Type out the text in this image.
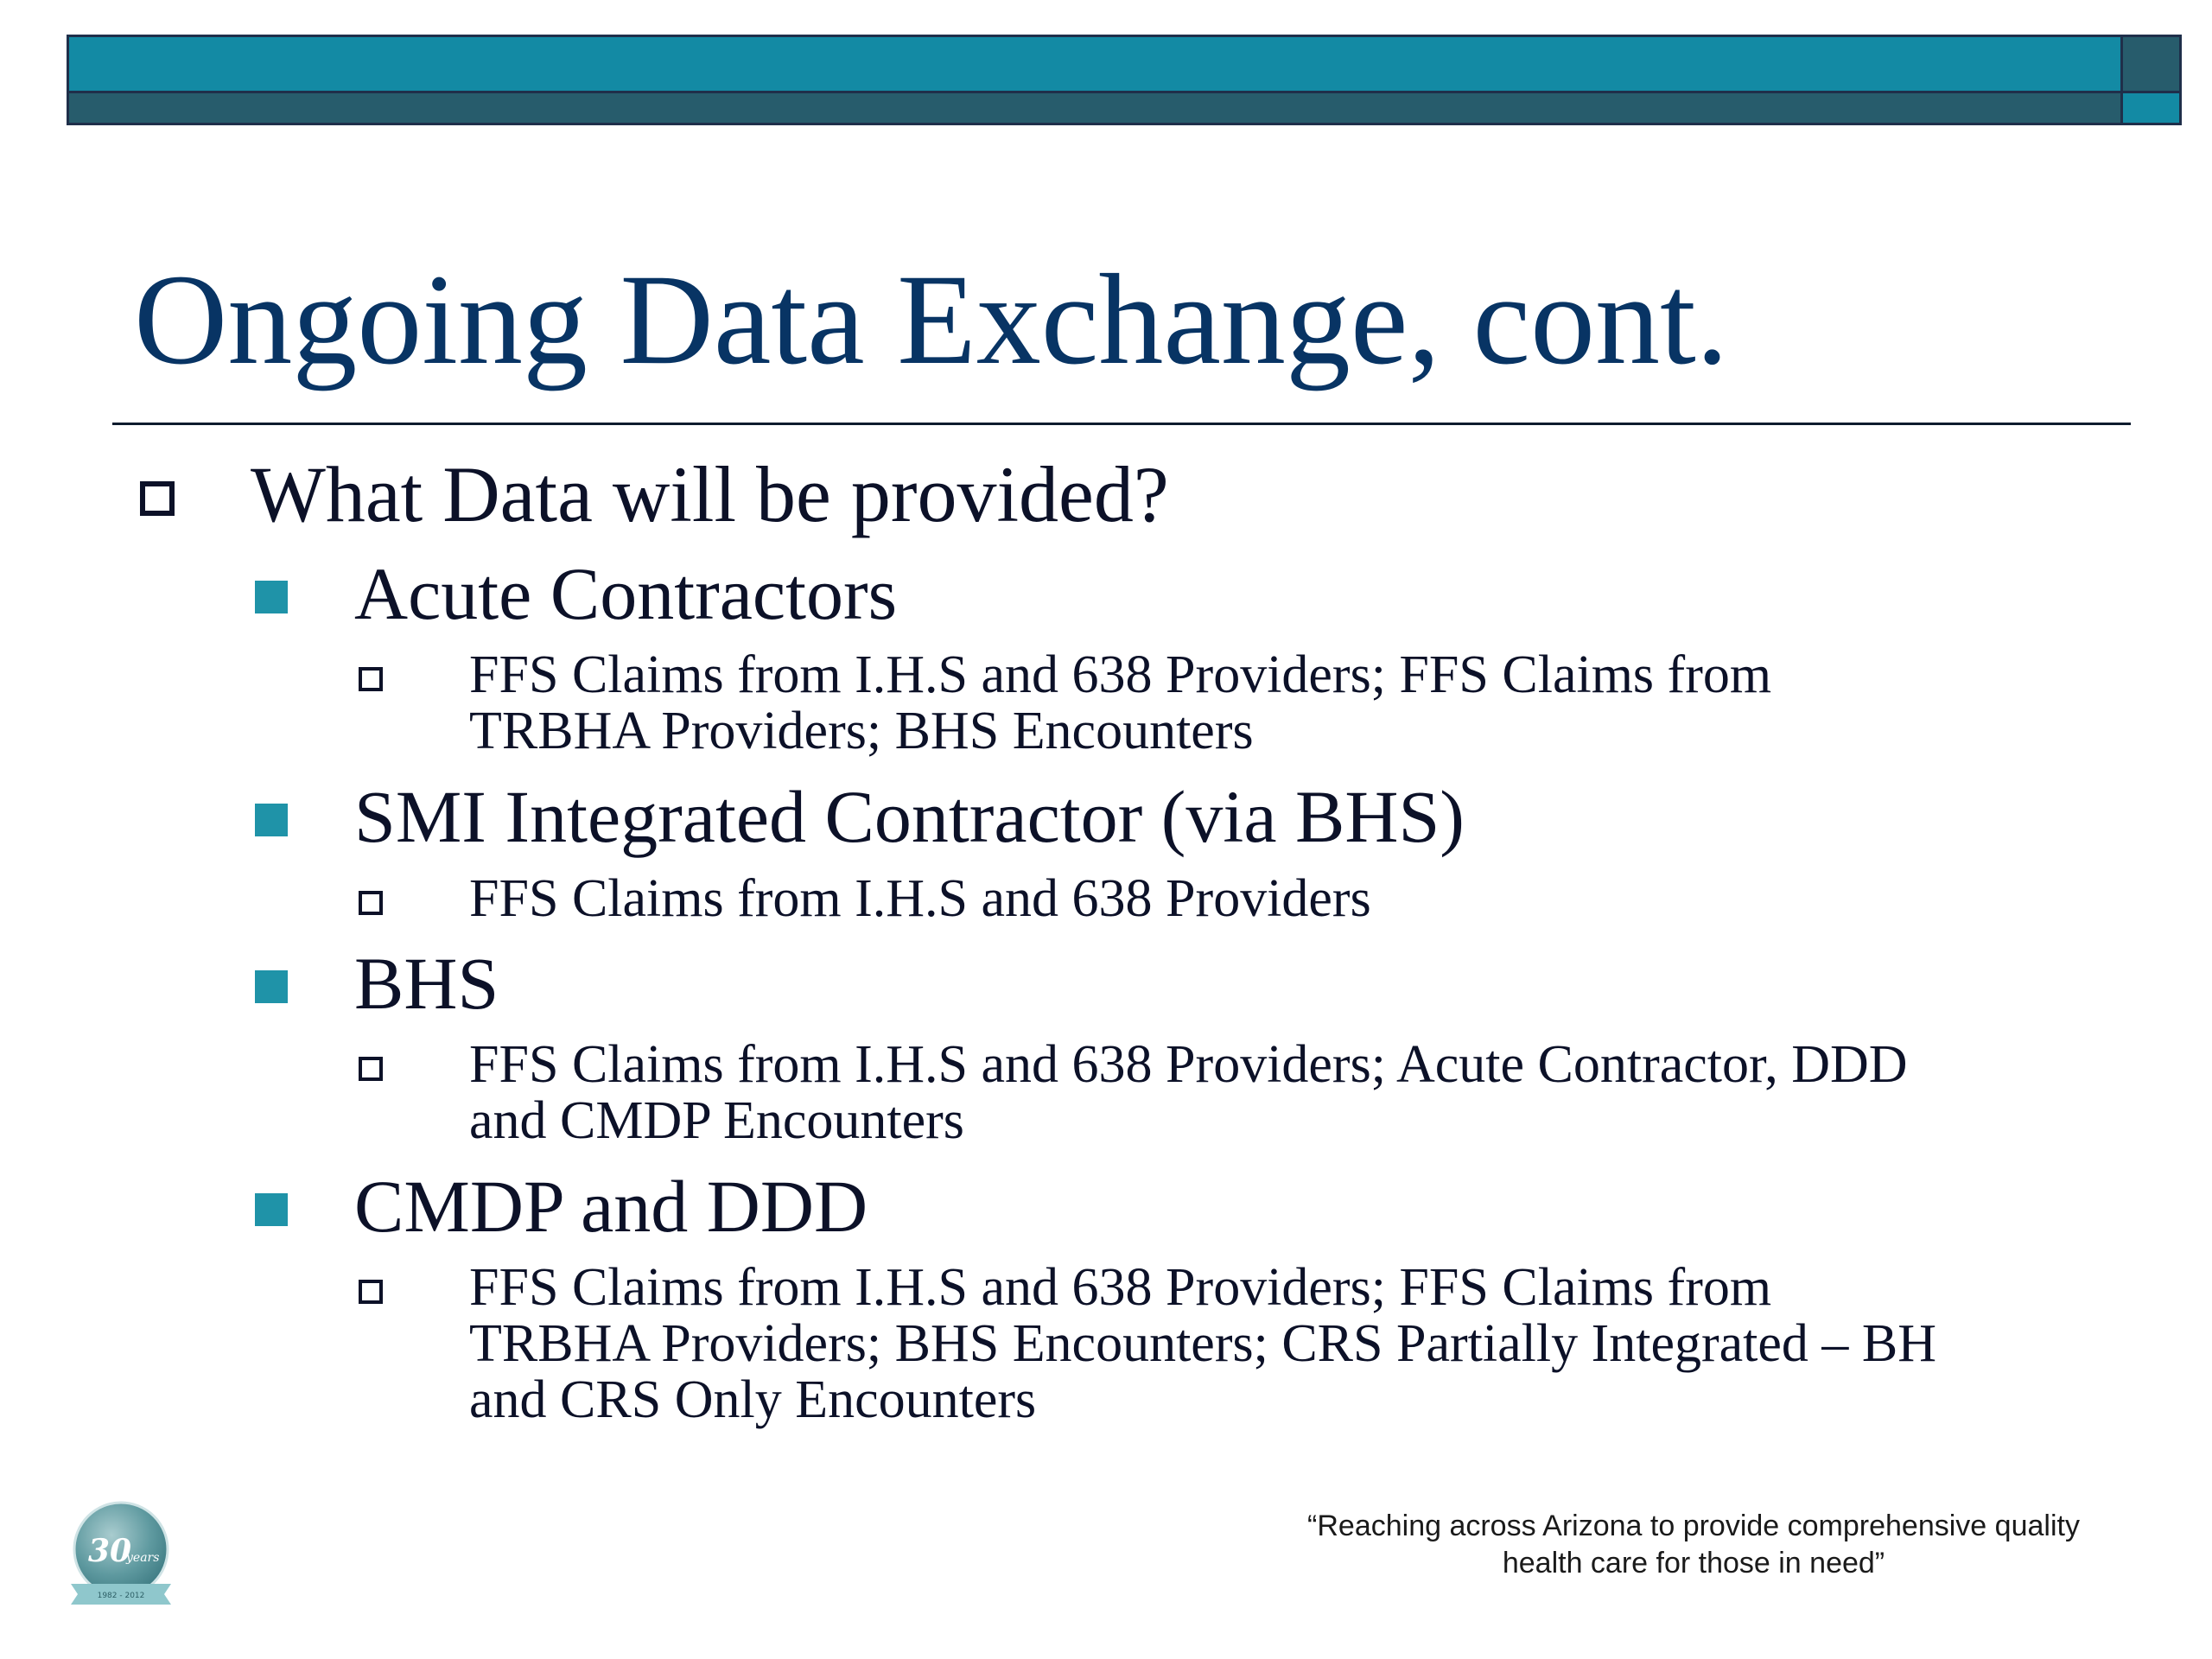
Ongoing Data Exchange, cont.
What Data will be provided?
Acute Contractors
FFS Claims from I.H.S and 638 Providers; FFS Claims from
TRBHA Providers; BHS Encounters
SMI Integrated Contractor (via BHS)
FFS Claims from I.H.S and 638 Providers
BHS
FFS Claims from I.H.S and 638 Providers; Acute Contractor, DDD
and CMDP Encounters
CMDP and DDD
FFS Claims from I.H.S and 638 Providers; FFS Claims from
TRBHA Providers; BHS Encounters; CRS Partially Integrated – BH
and CRS Only Encounters
30
years
1982 - 2012
“Reaching across Arizona to provide comprehensive quality
health care for those in need”
